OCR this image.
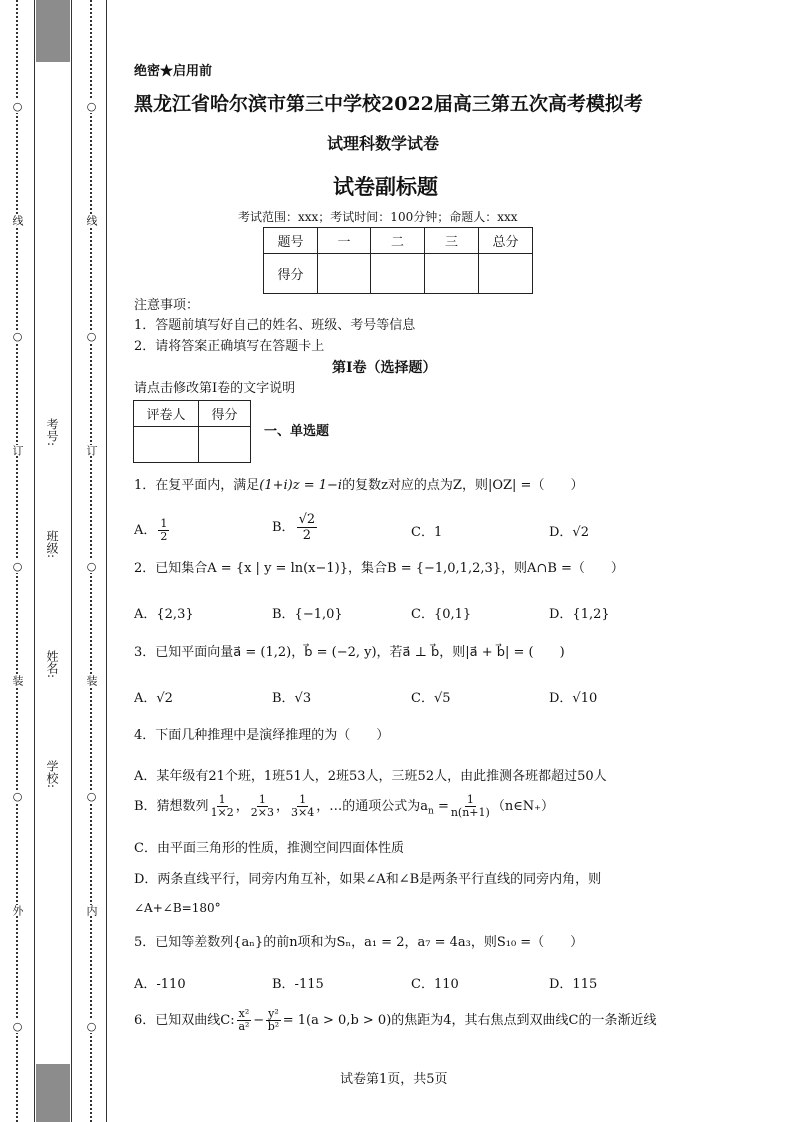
○
线
○
订
○
装
○
外
○
○
线
○
订
○
装
○
内
○
考号:
班级:
姓名:
学校:
绝密★启用前
黑龙江省哈尔滨市第三中学校2022届高三第五次高考模拟考
试理科数学试卷
试卷副标题
考试范围：xxx；考试时间：100分钟；命题人：xxx
题号	一	二	三	总分
得分				
注意事项：
1．答题前填写好自己的姓名、班级、考号等信息
2．请将答案正确填写在答题卡上
第I卷（选择题）
请点击修改第I卷的文字说明
评卷人	得分

一、单选题
1．在复平面内，满足(1+i)z = 1−i的复数z对应的点为Z，则|OZ| =（　　）
A． $\frac{1}{2}$	B． $\frac{√2}{2}$	C．1	D．√2
2．已知集合A = {x | y = ln(x−1)}，集合B = {−1,0,1,2,3}，则A∩B =（　　）
A．{2,3}	B．{−1,0}	C．{0,1}	D．{1,2}
3．已知平面向量a⃗ = (1,2)，b⃗ = (−2, y)，若a⃗ ⊥ b⃗，则|a⃗ + b⃗| = (　　)
A．√2	B．√3	C．√5	D．√10
4．下面几种推理中是演绎推理的为（　　）
A．某年级有21个班，1班51人，2班53人，三班52人，由此推测各班都超过50人
B．猜想数列 $\frac{1}{1\times 2}$ ， $\frac{1}{2\times 3}$ ， $\frac{1}{3\times 4}$ ，…的通项公式为$a_n = \frac{1}{n(n+1)}$ （n∈N₊）
C．由平面三角形的性质，推测空间四面体性质
D．两条直线平行，同旁内角互补，如果∠A和∠B是两条平行直线的同旁内角，则
∠A+∠B=180°
5．已知等差数列{aₙ}的前n项和为Sₙ，a₁ = 2，a₇ = 4a₃，则S₁₀ =（　　）
A．-110	B．-115	C．110	D．115
6．已知双曲线C: $\frac{\text{x²}}{\text{a²}} - \frac{\text{y²}}{\text{b²}} = 1(a > 0,b > 0)$的焦距为4，其右焦点到双曲线C的一条渐近线
试卷第1页，共5页
